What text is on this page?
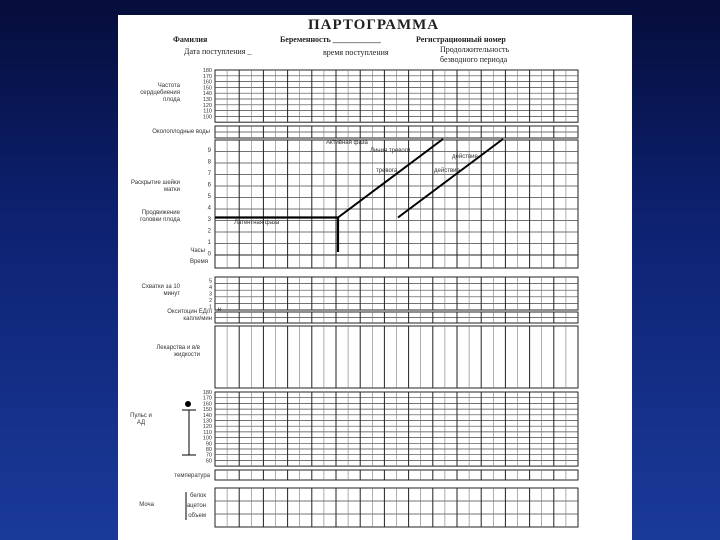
ПАРТОГРАММА
Фамилия	Беременность ____________	Регистрационный номер
Дата поступления _	время поступления	Продолжительность
безводного периода
Частота сердцебиения плода
Околоплодные воды
Раскрытие шейки матки
Продвижение головки плода
Часы
Время
Схватки за 10 минут
Окситоцин ЕД/л капли/мин
н
Лекарства и в/в жидкости
Пульс и АД
температура
Моча
белок
ацетон
объем
180
170
160
150
140
130
120
110
100
9
8
7
6
5
4
3
2
1
0
5
4
3
2
1
180
170
160
150
140
130
120
110
100
90
80
70
60
Активная фаза
Линия тревоги
действие
тревога	действие
Латентная фаза
